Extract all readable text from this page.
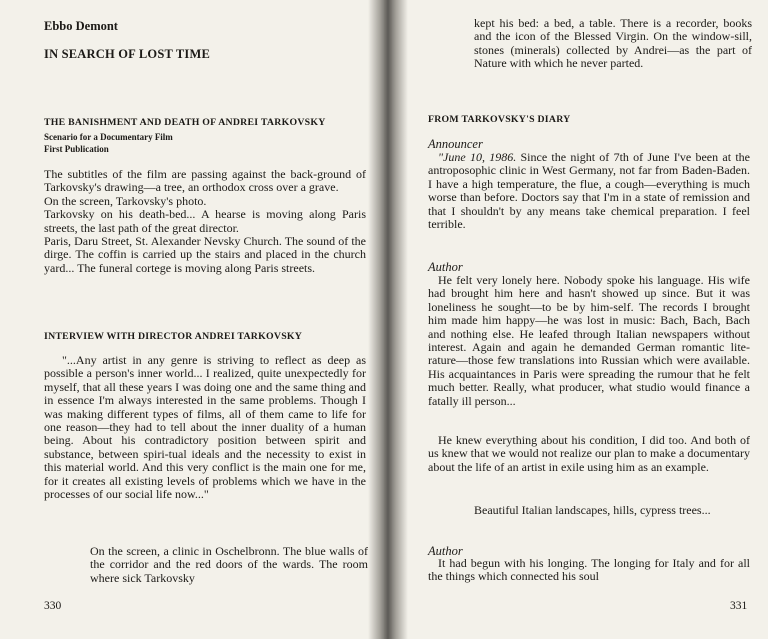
Ebbo Demont
IN SEARCH OF LOST TIME
THE BANISHMENT AND DEATH OF ANDREI TARKOVSKY
Scenario for a Documentary Film
First Publication

The subtitles of the film are passing against the back-ground of Tarkovsky's drawing—a tree, an orthodox cross over a grave.
On the screen, Tarkovsky's photo.
Tarkovsky on his death-bed... A hearse is moving along Paris streets, the last path of the great director.
Paris, Daru Street, St. Alexander Nevsky Church. The sound of the dirge. The coffin is carried up the stairs and placed in the church yard... The funeral cortege is moving along Paris streets.

INTERVIEW WITH DIRECTOR ANDREI TARKOVSKY

"...Any artist in any genre is striving to reflect as deep as possible a person's inner world... I realized, quite unexpectedly for myself, that all these years I was doing one and the same thing and in essence I'm always interested in the same problems. Though I was making different types of films, all of them came to life for one reason—they had to tell about the inner duality of a human being. About his contradictory position between spirit and substance, between spiri-tual ideals and the necessity to exist in this material world. And this very conflict is the main one for me, for it creates all existing levels of problems which we have in the processes of our social life now..."

On the screen, a clinic in Oschelbronn. The blue walls of the corridor and the red doors of the wards. The room where sick Tarkovsky

330

kept his bed: a bed, a table. There is a recorder, books and the icon of the Blessed Virgin. On the window-sill, stones (minerals) collected by Andrei—as the part of Nature with which he never parted.

FROM TARKOVSKY'S DIARY
Announcer

"June 10, 1986. Since the night of 7th of June I've been at the antroposophic clinic in West Germany, not far from Baden-Baden. I have a high temperature, the flue, a cough—everything is much worse than before. Doctors say that I'm in a state of remission and that I shouldn't by any means take chemical preparation. I feel terrible.

Author

He felt very lonely here. Nobody spoke his language. His wife had brought him here and hasn't showed up since. But it was loneliness he sought—to be by him-self. The records I brought him made him happy—he was lost in music: Bach, Bach, Bach and nothing else. He leafed through Italian newspapers without interest. Again and again he demanded German romantic lite-rature—those few translations into Russian which were available. His acquaintances in Paris were spreading the rumour that he felt much better. Really, what producer, what studio would finance a fatally ill person...

He knew everything about his condition, I did too. And both of us knew that we would not realize our plan to make a documentary about the life of an artist in exile using him as an example.

Beautiful Italian landscapes, hills, cypress trees...

Author

It had begun with his longing. The longing for Italy and for all the things which connected his soul

331
